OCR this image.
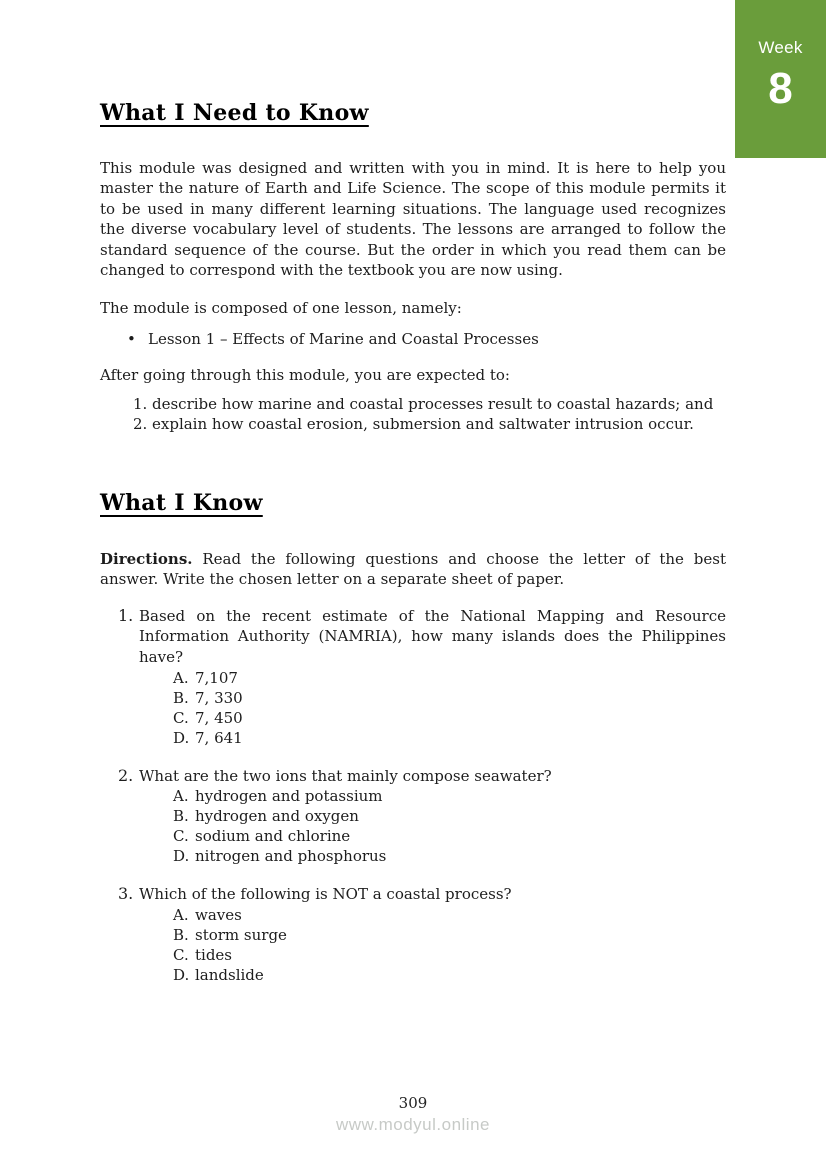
Week
8
What I Need to Know

This module was designed and written with you in mind. It is here to help you master the nature of Earth and Life Science. The scope of this module permits it to be used in many different learning situations. The language used recognizes the diverse vocabulary level of students. The lessons are arranged to follow the standard sequence of the course. But the order in which you read them can be changed to correspond with the textbook you are now using.

The module is composed of one lesson, namely:

• Lesson 1 – Effects of Marine and Coastal Processes

After going through this module, you are expected to:

1. describe how marine and coastal processes result to coastal hazards; and
2. explain how coastal erosion, submersion and saltwater intrusion occur.
What I Know

Directions. Read the following questions and choose the letter of the best answer. Write the chosen letter on a separate sheet of paper.

1. Based on the recent estimate of the National Mapping and Resource Information Authority (NAMRIA), how many islands does the Philippines have?
A. 7,107
B. 7, 330
C. 7, 450
D. 7, 641
2. What are the two ions that mainly compose seawater?
A. hydrogen and potassium
B. hydrogen and oxygen
C. sodium and chlorine
D. nitrogen and phosphorus
3. Which of the following is NOT a coastal process?
A. waves
B. storm surge
C. tides
D. landslide
309
www.modyul.online
